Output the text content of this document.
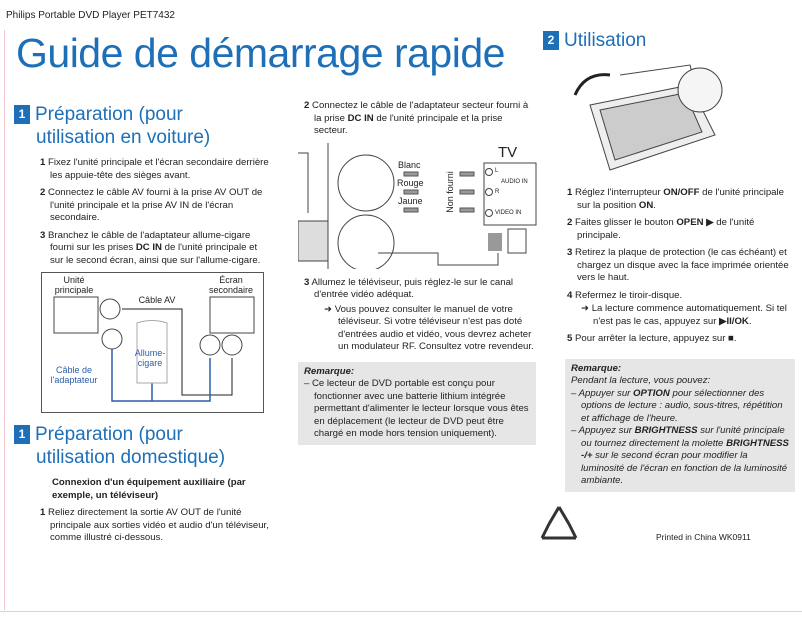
Philips Portable DVD Player PET7432
Guide de démarrage rapide
1 Préparation (pour
utilisation en voiture)
1 Fixez l'unité principale et l'écran secondaire derrière les appuie-tête des sièges avant.
2 Connectez le câble AV fourni à la prise AV OUT de l'unité principale et la prise AV IN de l'écran secondaire.
3 Branchez le câble de l'adaptateur allume-cigare fourni sur les prises DC IN de l'unité principale et sur le second écran, ainsi que sur l'allume-cigare.
Unité principale
Écran secondaire
Câble AV
Allume-cigare
Câble de l'adaptateur
1 Préparation (pour
utilisation domestique)
Connexion d'un équipement auxiliaire (par exemple, un téléviseur)
1 Reliez directement la sortie AV OUT de l'unité principale aux sorties vidéo et audio d'un téléviseur, comme illustré ci-dessous.
2 Connectez le câble de l'adaptateur secteur fourni à la prise DC IN de l'unité principale et la prise secteur.
TV
Blanc
Rouge
Jaune Non fourni
L
AUDIO IN
R
VIDEO IN
3 Allumez le téléviseur, puis réglez-le sur le canal d'entrée vidéo adéquat.
➜ Vous pouvez consulter le manuel de votre téléviseur. Si votre téléviseur n'est pas doté d'entrées audio et vidéo, vous devrez acheter un modulateur RF. Consultez votre revendeur.
Remarque:
– Ce lecteur de DVD portable est conçu pour fonctionner avec une batterie lithium intégrée permettant d'alimenter le lecteur lorsque vous êtes en déplacement (le lecteur de DVD peut être chargé en mode hors tension uniquement).
2 Utilisation
1 Réglez l'interrupteur ON/OFF de l'unité principale sur la position ON.
2 Faites glisser le bouton OPEN ▶ de l'unité principale.
3 Retirez la plaque de protection (le cas échéant) et chargez un disque avec la face imprimée orientée vers le haut.
4 Refermez le tiroir-disque.
➜ La lecture commence automatiquement. Si tel n'est pas le cas, appuyez sur ▶II/OK.
5 Pour arrêter la lecture, appuyez sur ■.
Remarque:
Pendant la lecture, vous pouvez:
– Appuyer sur OPTION pour sélectionner des options de lecture : audio, sous-titres, répétition et affichage de l'heure.
– Appuyez sur BRIGHTNESS sur l'unité principale ou tournez directement la molette BRIGHTNESS -/+ sur le second écran pour modifier la luminosité de l'écran en fonction de la luminosité ambiante.
Printed in China WK0911
